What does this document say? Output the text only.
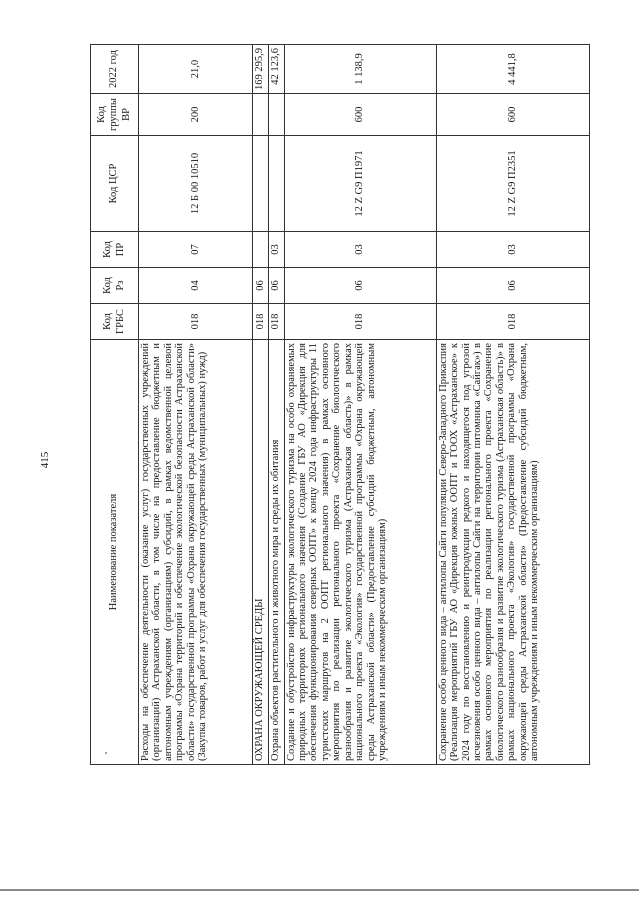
415
Наименование показателя	Код ГРБС	Код Рз	Код ПР	Код ЦСР	Код группы ВР	2022 год
Расходы на обеспечение деятельности (оказание услуг) государственных учреждений (организаций) Астраханской области, в том числе на предоставление бюджетным и автономным учреждениям (организациям) субсидий, в рамках ведомственной целевой программы «Охрана территорий и обеспечение экологической безопасности Астраханской области» государственной программы «Охрана окружающей среды Астраханской области» (Закупка товаров, работ и услуг для обеспечения государственных (муниципальных) нужд)	018	04	07	12 Б 00 10510	200	21,0
ОХРАНА ОКРУЖАЮЩЕЙ СРЕДЫ	018	06				169 295,9
Охрана объектов растительного и животного мира и среды их обитания	018	06	03			42 123,6
Создание и обустройство инфраструктуры экологического туризма на особо охраняемых природных территориях регионального значения (Создание ГБУ АО «Дирекция для обеспечения функционирования северных ООПТ» к концу 2024 года инфраструктуры 11 туристских маршрутов на 2 ООПТ регионального значения) в рамках основного мероприятия по реализации регионального проекта «Сохранение биологического разнообразия и развитие экологического туризма (Астраханская область)» в рамках национального проекта «Экология» государственной программы «Охрана окружающей среды Астраханской области» (Предоставление субсидий бюджетным, автономным учреждениям и иным некоммерческим организациям)	018	06	03	12 Z G9 П1971	600	1 138,9
Сохранение особо ценного вида – антилопы Сайги популяции Северо-Западного Прикаспия (Реализация мероприятий ГБУ АО «Дирекция южных ООПТ и ГООХ «Астраханское» к 2024 году по восстановлению и реинтродукции редкого и находящегося под угрозой исчезновения особо ценного вида – антилопы Сайги на территории питомника «Сайгак») в рамках основного мероприятия по реализации регионального проекта «Сохранение биологического разнообразия и развитие экологического туризма (Астраханская область)» в рамках национального проекта «Экология» государственной программы «Охрана окружающей среды Астраханской области» (Предоставление субсидий бюджетным, автономным учреждениям и иным некоммерческим организациям)	018	06	03	12 Z G9 П2351	600	4 441,8
